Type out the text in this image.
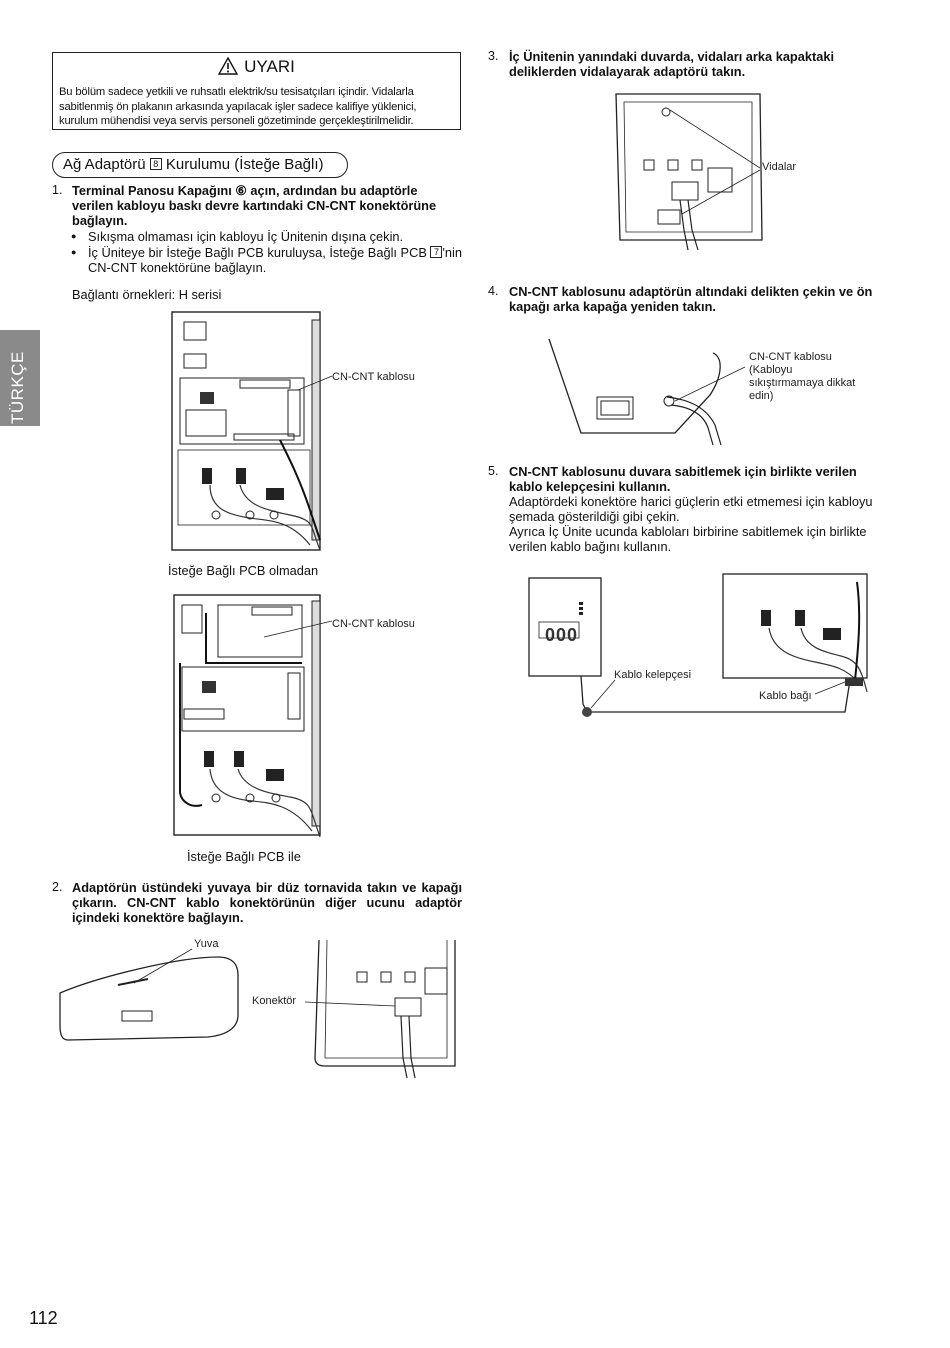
UYARI
Bu bölüm sadece yetkili ve ruhsatlı elektrik/su tesisatçıları içindir. Vidalarla sabitlenmiş ön plakanın arkasında yapılacak işler sadece kalifiye yüklenici, kurulum mühendisi veya servis personeli gözetiminde gerçekleştirilmelidir.
Ağ Adaptörü 8 Kurulumu (İsteğe Bağlı)
1. Terminal Panosu Kapağını ⑥ açın, ardından bu adaptörle verilen kabloyu baskı devre kartındaki CN-CNT konektörüne bağlayın.
● Sıkışma olmaması için kabloyu İç Ünitenin dışına çekin.
● İç Üniteye bir İsteğe Bağlı PCB kuruluysa, İsteğe Bağlı PCB 7 'nin CN-CNT konektörüne bağlayın.
Bağlantı örnekleri: H serisi
CN-CNT kablosu
İsteğe Bağlı PCB olmadan
CN-CNT kablosu
İsteğe Bağlı PCB ile
2. Adaptörün üstündeki yuvaya bir düz tornavida takın ve kapağı çıkarın. CN-CNT kablo konektörünün diğer ucunu adaptör içindeki konektöre bağlayın.
Yuva
Konektör
3. İç Ünitenin yanındaki duvarda, vidaları arka kapaktaki deliklerden vidalayarak adaptörü takın.
Vidalar
4. CN-CNT kablosunu adaptörün altındaki delikten çekin ve ön kapağı arka kapağa yeniden takın.
CN-CNT kablosu (Kabloyu sıkıştırmamaya dikkat edin)
5. CN-CNT kablosunu duvara sabitlemek için birlikte verilen kablo kelepçesini kullanın.
Adaptördeki konektöre harici güçlerin etki etmemesi için kabloyu şemada gösterildiği gibi çekin.
Ayrıca İç Ünite ucunda kabloları birbirine sabitlemek için birlikte verilen kablo bağını kullanın.
000
Kablo kelepçesi
Kablo bağı
TÜRKÇE
112
